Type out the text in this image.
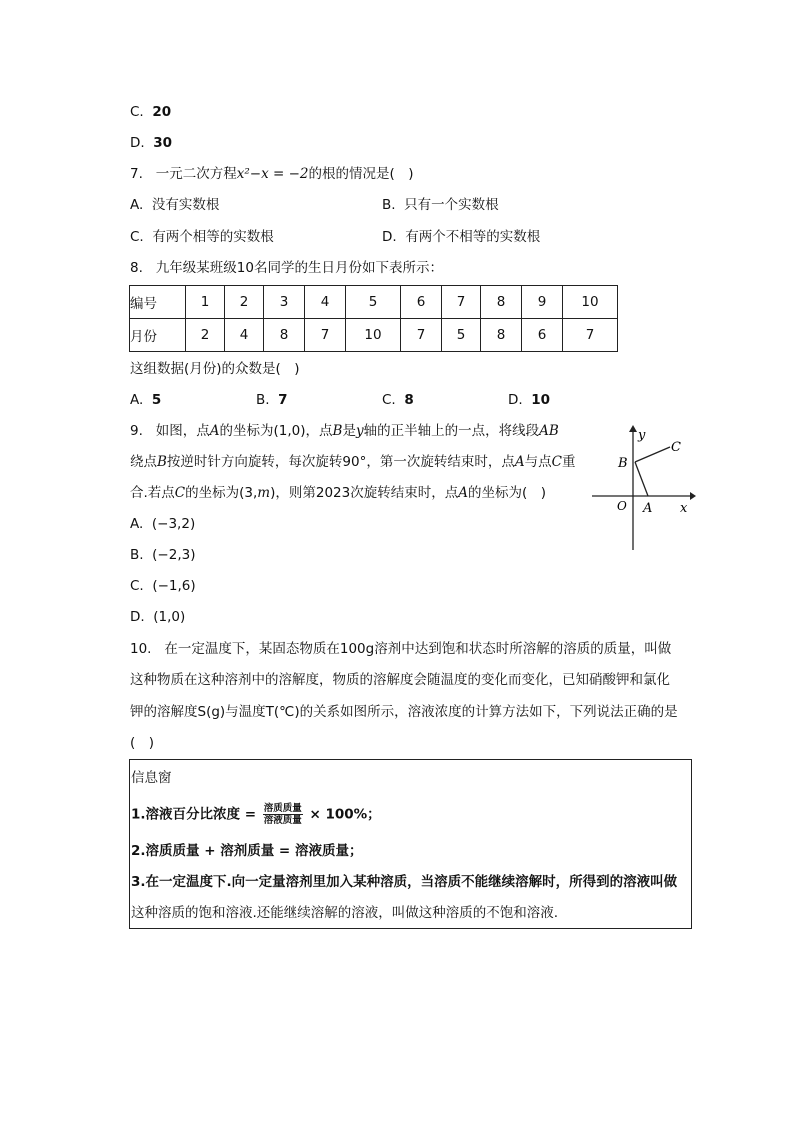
C. 20
D. 30
7. 一元二次方程x²−x = −2的根的情况是(　)
A. 没有实数根	B. 只有一个实数根
C. 有两个相等的实数根	D. 有两个不相等的实数根
8. 九年级某班级10名同学的生日月份如下表所示：
编号	1	2	3	4	5	6	7	8	9	10
月份	2	4	8	7	10	7	5	8	6	7
这组数据(月份)的众数是(　)
A. 5	B. 7	C. 8	D. 10
9. 如图，点A的坐标为(1,0)，点B是y轴的正半轴上的一点，将线段AB
绕点B按逆时针方向旋转，每次旋转90°，第一次旋转结束时，点A与点C重
合.若点C的坐标为(3,m)，则第2023次旋转结束时，点A的坐标为(　)
A. (−3,2)
B. (−2,3)
C. (−1,6)
D. (1,0)
y
x
O A
B
C
10. 在一定温度下，某固态物质在100g溶剂中达到饱和状态时所溶解的溶质的质量，叫做
这种物质在这种溶剂中的溶解度，物质的溶解度会随温度的变化而变化，已知硝酸钾和氯化
钾的溶解度S(g)与温度T(℃)的关系如图所示，溶液浓度的计算方法如下，下列说法正确的是
(　)
信息窗
1.溶液百分比浓度 = $\frac{\text{溶质质量}}{\text{溶液质量}} \times 100\%$；
2.溶质质量 + 溶剂质量 = 溶液质量；
3.在一定温度下.向一定量溶剂里加入某种溶质，当溶质不能继续溶解时，所得到的溶液叫做
这种溶质的饱和溶液.还能继续溶解的溶液，叫做这种溶质的不饱和溶液.
